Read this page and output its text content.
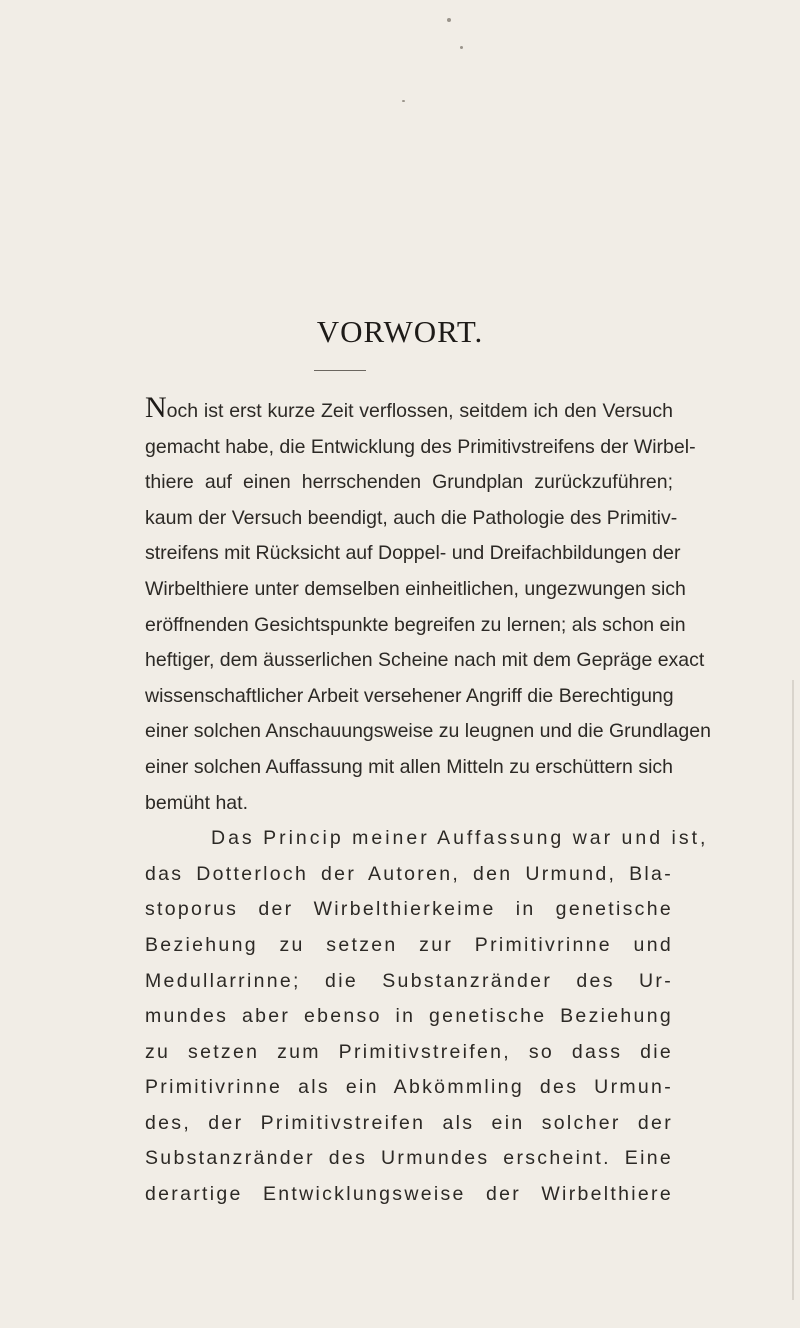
VORWORT.
Noch ist erst kurze Zeit verflossen, seitdem ich den Versuch
gemacht habe, die Entwicklung des Primitivstreifens der Wirbel-
thiere auf einen herrschenden Grundplan zurückzuführen;
kaum der Versuch beendigt, auch die Pathologie des Primitiv-
streifens mit Rücksicht auf Doppel- und Dreifachbildungen der
Wirbelthiere unter demselben einheitlichen, ungezwungen sich
eröffnenden Gesichtspunkte begreifen zu lernen; als schon ein
heftiger, dem äusserlichen Scheine nach mit dem Gepräge exact
wissenschaftlicher Arbeit versehener Angriff die Berechtigung
einer solchen Anschauungsweise zu leugnen und die Grundlagen
einer solchen Auffassung mit allen Mitteln zu erschüttern sich
bemüht hat.
Das Princip meiner Auffassung war und ist,
das Dotterloch der Autoren, den Urmund, Bla-
stoporus der Wirbelthierkeime in genetische
Beziehung zu setzen zur Primitivrinne und
Medullarrinne; die Substanzränder des Ur-
mundes aber ebenso in genetische Beziehung
zu setzen zum Primitivstreifen, so dass die
Primitivrinne als ein Abkömmling des Urmun-
des, der Primitivstreifen als ein solcher der
Substanzränder des Urmundes erscheint. Eine
derartige Entwicklungsweise der Wirbelthiere
